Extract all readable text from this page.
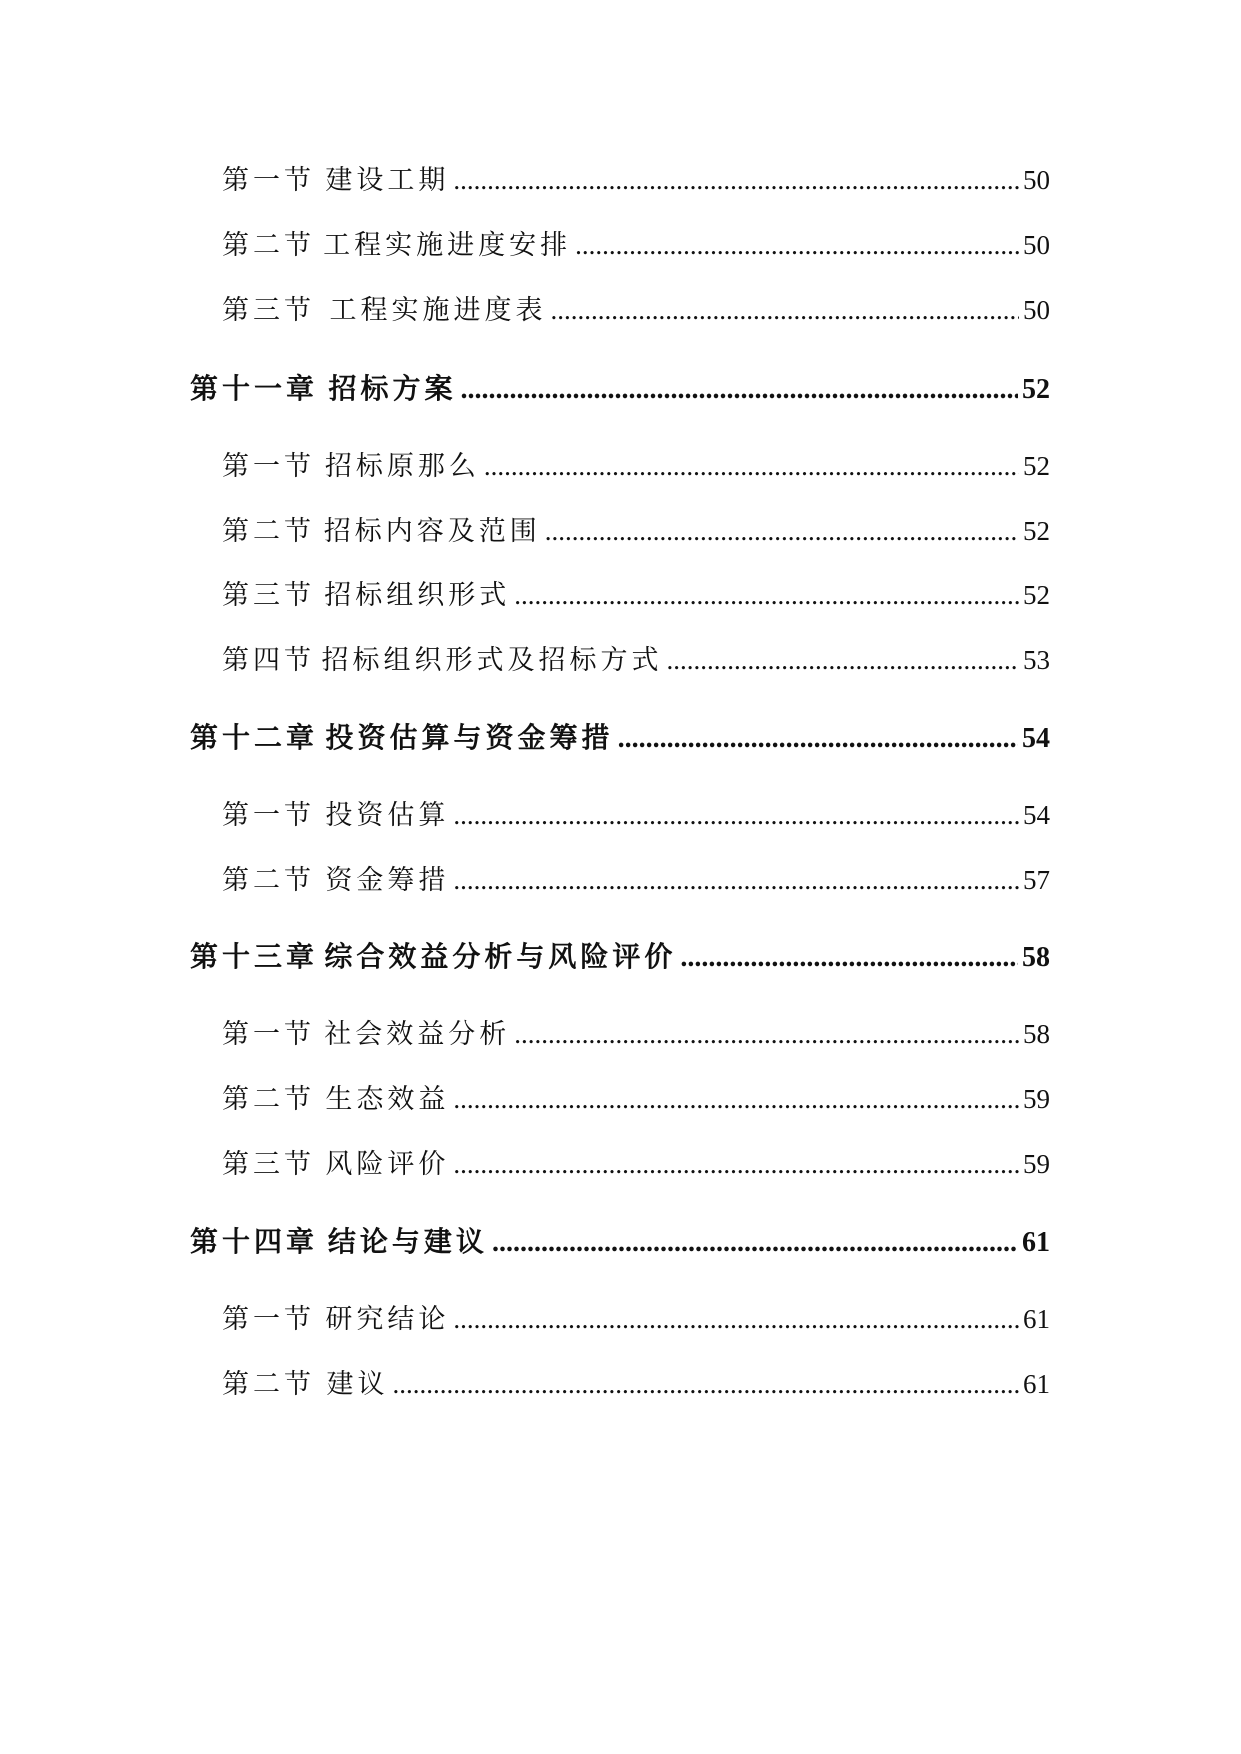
第一节 建设工期 .....	50
第二节 工程实施进度安排 .....	50
第三节 工程实施进度表 .....	50
第十一章 招标方案 .....	52
第一节 招标原那么 .....	52
第二节 招标内容及范围 .....	52
第三节 招标组织形式 .....	52
第四节 招标组织形式及招标方式 .....	53
第十二章 投资估算与资金筹措 .....	54
第一节 投资估算 .....	54
第二节 资金筹措 .....	57
第十三章 综合效益分析与风险评价 .....	58
第一节 社会效益分析 .....	58
第二节 生态效益 .....	59
第三节 风险评价 .....	59
第十四章 结论与建议 .....	61
第一节 研究结论 .....	61
第二节 建议 .....	61
